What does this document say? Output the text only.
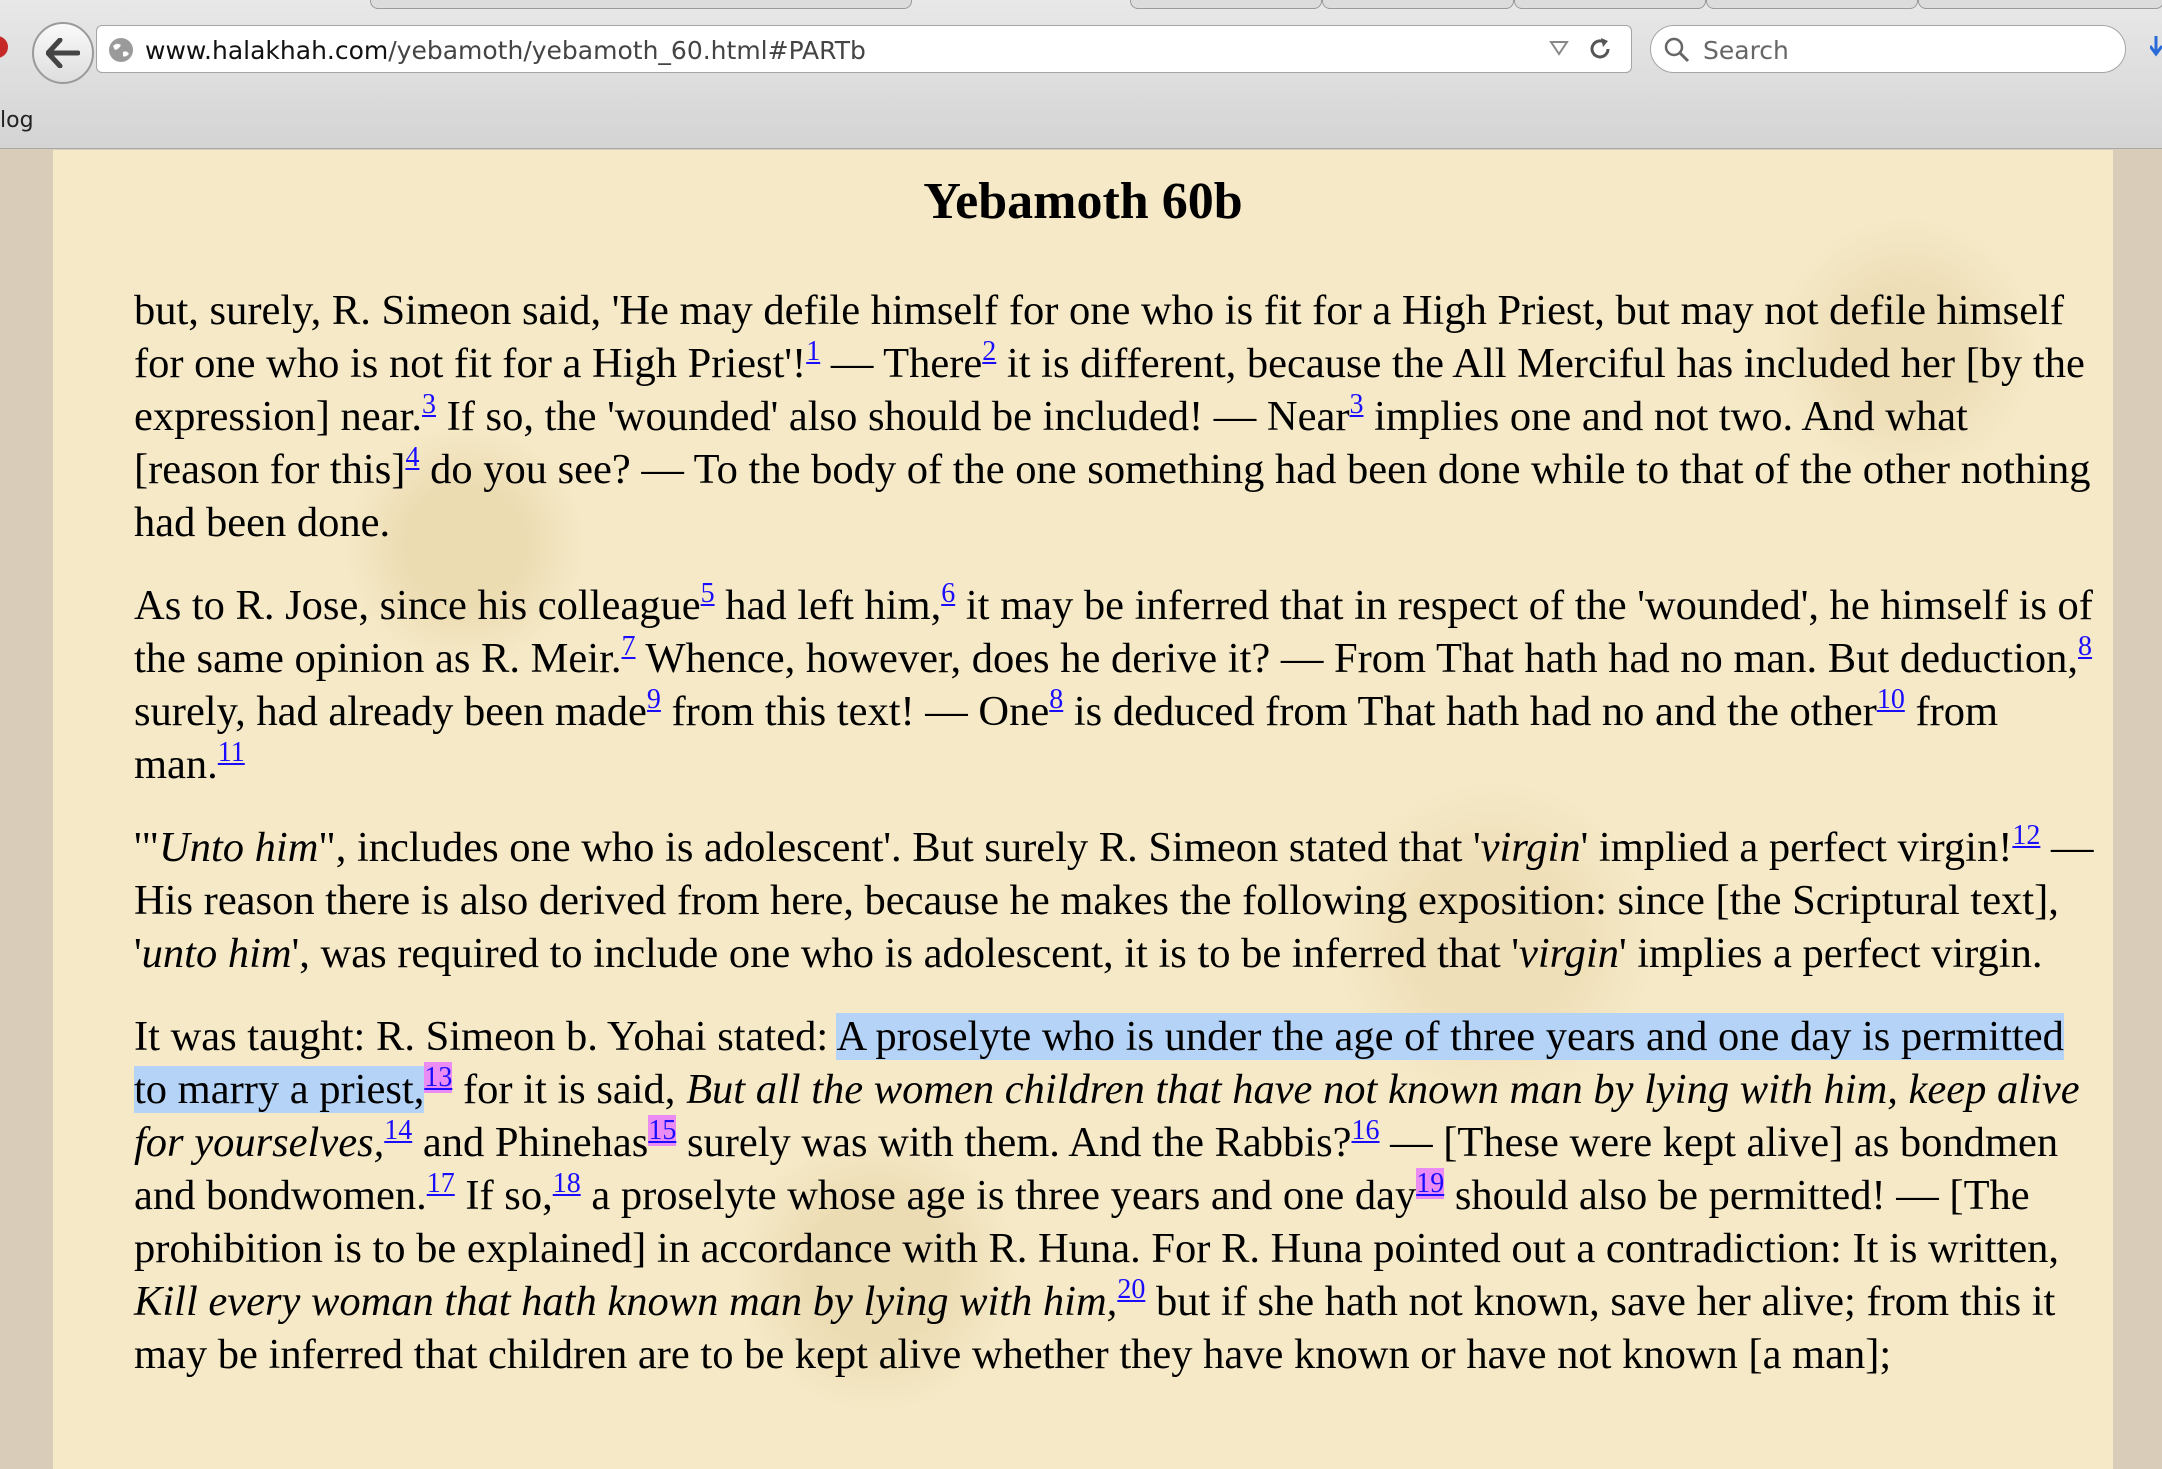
www.halakhah.com/yebamoth/yebamoth_60.html#PARTb	Search
log
Yebamoth 60b

but, surely, R. Simeon said, 'He may defile himself for one who is fit for a High Priest, but may not defile himself for one who is not fit for a High Priest'!$^1$ — There$^2$ it is different, because the All Merciful has included her [by the expression] near.$^3$ If so, the 'wounded' also should be included! — Near$^3$ implies one and not two. And what [reason for this]$^4$ do you see? — To the body of the one something had been done while to that of the other nothing had been done.

As to R. Jose, since his colleague$^5$ had left him,$^6$ it may be inferred that in respect of the 'wounded', he himself is of the same opinion as R. Meir.$^7$ Whence, however, does he derive it? — From That hath had no man. But deduction,$^8$ surely, had already been made$^9$ from this text! — One$^8$ is deduced from That hath had no and the other$^{10}$ from man.$^{11}$

'"Unto him", includes one who is adolescent'. But surely R. Simeon stated that 'virgin' implied a perfect virgin!$^{12}$ — His reason there is also derived from here, because he makes the following exposition: since [the Scriptural text], 'unto him', was required to include one who is adolescent, it is to be inferred that 'virgin' implies a perfect virgin.

It was taught: R. Simeon b. Yohai stated: A proselyte who is under the age of three years and one day is permitted to marry a priest,$^{13}$ for it is said, But all the women children that have not known man by lying with him, keep alive for yourselves,$^{14}$ and Phinehas$^{15}$ surely was with them. And the Rabbis?$^{16}$ — [These were kept alive] as bondmen and bondwomen.$^{17}$ If so,$^{18}$ a proselyte whose age is three years and one day$^{19}$ should also be permitted! — [The prohibition is to be explained] in accordance with R. Huna. For R. Huna pointed out a contradiction: It is written, Kill every woman that hath known man by lying with him,$^{20}$ but if she hath not known, save her alive; from this it may be inferred that children are to be kept alive whether they have known or have not known [a man];
